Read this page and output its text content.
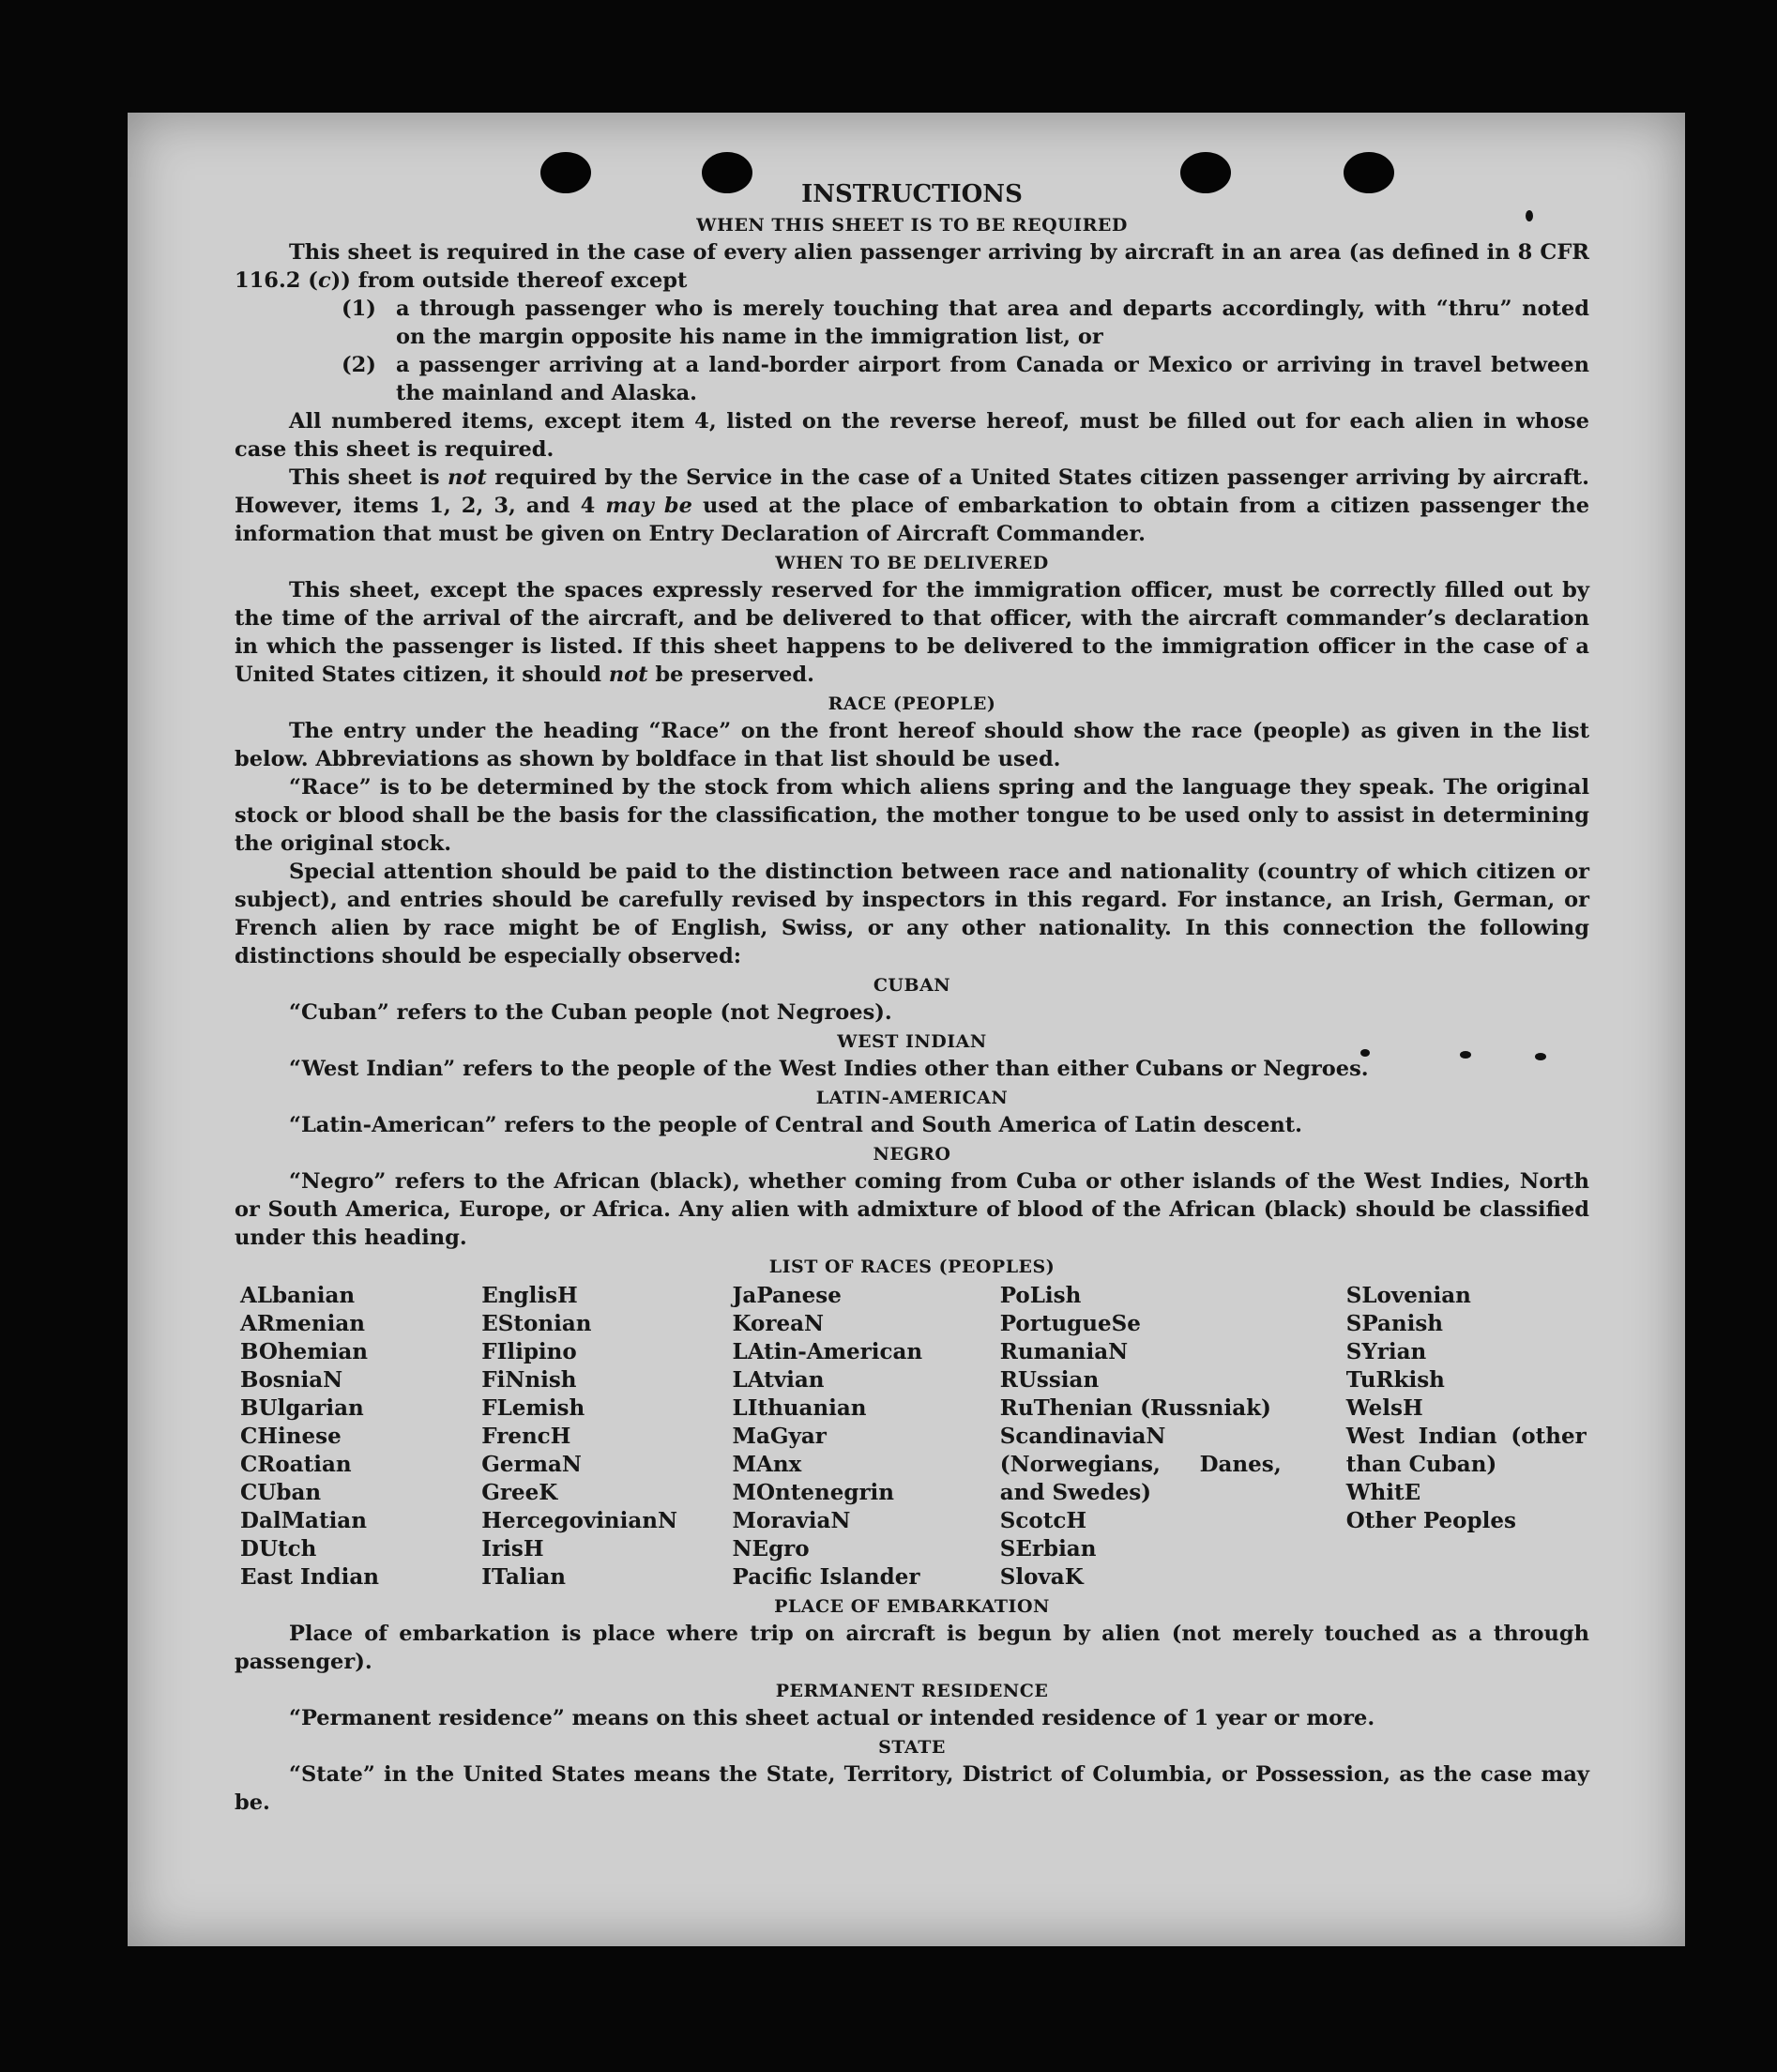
INSTRUCTIONS
WHEN THIS SHEET IS TO BE REQUIRED

This sheet is required in the case of every alien passenger arriving by aircraft in an area (as defined in 8 CFR 116.2 (c)) from outside thereof except

(1) a through passenger who is merely touching that area and departs accordingly, with “thru” noted on the margin opposite his name in the immigration list, or
(2) a passenger arriving at a land-border airport from Canada or Mexico or arriving in travel between the mainland and Alaska.

All numbered items, except item 4, listed on the reverse hereof, must be filled out for each alien in whose case this sheet is required.

This sheet is not required by the Service in the case of a United States citizen passenger arriving by aircraft. However, items 1, 2, 3, and 4 may be used at the place of embarkation to obtain from a citizen passenger the information that must be given on Entry Declaration of Aircraft Commander.

WHEN TO BE DELIVERED

This sheet, except the spaces expressly reserved for the immigration officer, must be correctly filled out by the time of the arrival of the aircraft, and be delivered to that officer, with the aircraft commander’s declaration in which the passenger is listed. If this sheet happens to be delivered to the immigration officer in the case of a United States citizen, it should not be preserved.

RACE (PEOPLE)

The entry under the heading “Race” on the front hereof should show the race (people) as given in the list below. Abbreviations as shown by boldface in that list should be used.

“Race” is to be determined by the stock from which aliens spring and the language they speak. The original stock or blood shall be the basis for the classification, the mother tongue to be used only to assist in determining the original stock.

Special attention should be paid to the distinction between race and nationality (country of which citizen or subject), and entries should be carefully revised by inspectors in this regard. For instance, an Irish, German, or French alien by race might be of English, Swiss, or any other nationality. In this connection the following distinctions should be especially observed:

CUBAN

“Cuban” refers to the Cuban people (not Negroes).

WEST INDIAN

“West Indian” refers to the people of the West Indies other than either Cubans or Negroes.

LATIN-AMERICAN

“Latin-American” refers to the people of Central and South America of Latin descent.

NEGRO

“Negro” refers to the African (black), whether coming from Cuba or other islands of the West Indies, North or South America, Europe, or Africa. Any alien with admixture of blood of the African (black) should be classified under this heading.

LIST OF RACES (PEOPLES)
ALbanian
ARmenian
BOhemian
BosniaN
BUlgarian
CHinese
CRoatian
CUban
DalMatian
DUtch
East Indian
EnglisH
EStonian
FIlipino
FiNnish
FLemish
FrencH
GermaN
GreeK
HercegovinianN
IrisH
ITalian
JaPanese
KoreaN
LAtin-American
LAtvian
LIthuanian
MaGyar
MAnx
MOntenegrin
MoraviaN
NEgro
Pacific Islander
PoLish
PortugueSe
RumaniaN
RUssian
RuThenian (Russniak)
ScandinaviaN (Norwegians, Danes, and Swedes)
ScotcH
SErbian
SlovaK
SLovenian
SPanish
SYrian
TuRkish
WelsH
West Indian (other than Cuban)
WhitE
Other Peoples
PLACE OF EMBARKATION

Place of embarkation is place where trip on aircraft is begun by alien (not merely touched as a through passenger).

PERMANENT RESIDENCE

“Permanent residence” means on this sheet actual or intended residence of 1 year or more.

STATE

“State” in the United States means the State, Territory, District of Columbia, or Possession, as the case may be.
